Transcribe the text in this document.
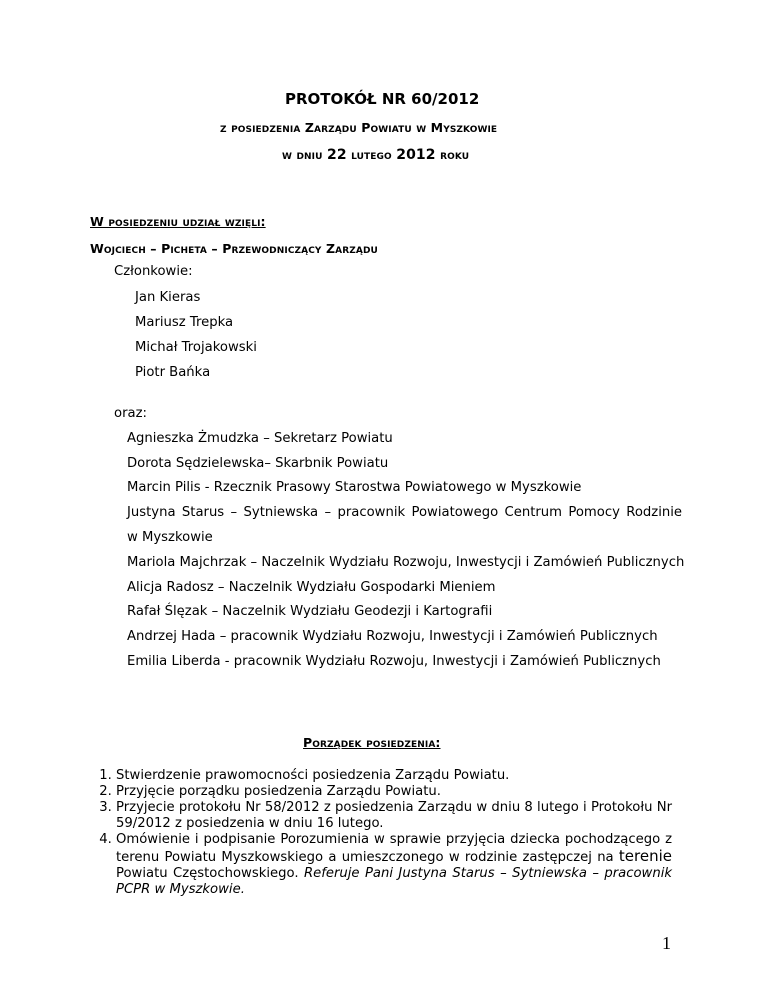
PROTOKÓŁ NR 60/2012
z posiedzenia Zarządu Powiatu w Myszkowie
w dniu 22 lutego 2012 roku
W posiedzeniu udział wzięli:
Wojciech – Picheta – Przewodniczący Zarządu
Członkowie:
Jan Kieras
Mariusz Trepka
Michał Trojakowski
Piotr Bańka
oraz:
Agnieszka Żmudzka – Sekretarz Powiatu
Dorota Sędzielewska– Skarbnik Powiatu
Marcin Pilis - Rzecznik Prasowy Starostwa Powiatowego w Myszkowie
Justyna Starus – Sytniewska – pracownik Powiatowego Centrum Pomocy Rodzinie
w Myszkowie
Mariola Majchrzak – Naczelnik Wydziału Rozwoju, Inwestycji i Zamówień Publicznych
Alicja Radosz – Naczelnik Wydziału Gospodarki Mieniem
Rafał Ślęzak – Naczelnik Wydziału Geodezji i Kartografii
Andrzej Hada – pracownik Wydziału Rozwoju, Inwestycji i Zamówień Publicznych
Emilia Liberda - pracownik Wydziału Rozwoju, Inwestycji i Zamówień Publicznych
Porządek posiedzenia:
1. Stwierdzenie prawomocności posiedzenia Zarządu Powiatu.
2. Przyjęcie porządku posiedzenia Zarządu Powiatu.
3. Przyjecie protokołu Nr 58/2012 z posiedzenia Zarządu w dniu 8 lutego i Protokołu Nr 59/2012 z posiedzenia w dniu 16 lutego.
4. Omówienie i podpisanie Porozumienia w sprawie przyjęcia dziecka pochodzącego z terenu Powiatu Myszkowskiego a umieszczonego w rodzinie zastępczej na terenie Powiatu Częstochowskiego. Referuje Pani Justyna Starus – Sytniewska – pracownik PCPR w Myszkowie.
1
